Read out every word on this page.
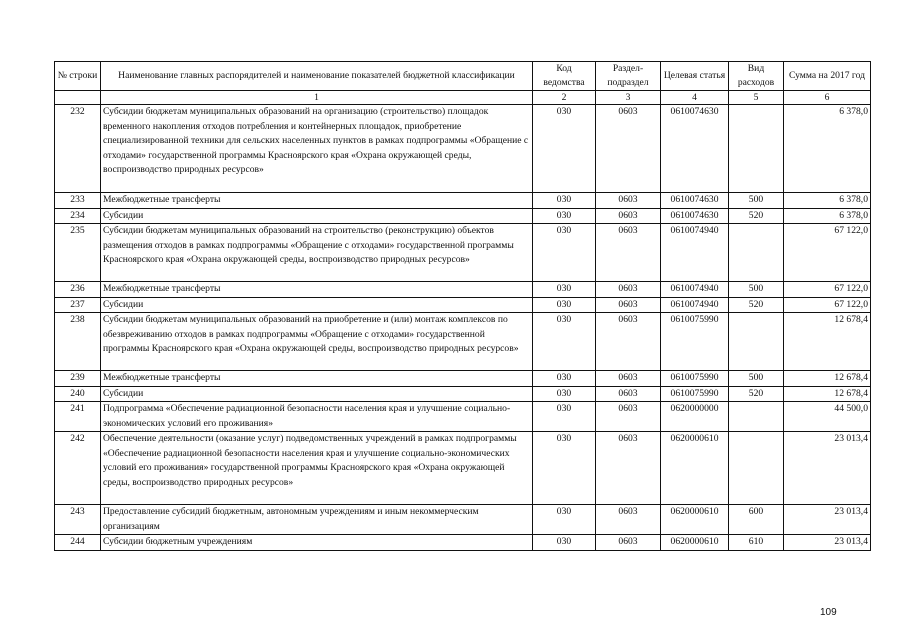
№ строки	Наименование главных распорядителей и наименование показателей бюджетной классификации	Код ведомства	Раздел-подраздел	Целевая статья	Вид расходов	Сумма на 2017 год
	1	2	3	4	5	6
232	Субсидии бюджетам муниципальных образований на организацию (строительство) площадок временного накопления отходов потребления и контейнерных площадок, приобретение специализированной техники для сельских населенных пунктов в рамках подпрограммы «Обращение с отходами» государственной программы Красноярского края «Охрана окружающей среды, воспроизводство природных ресурсов»	030	0603	0610074630		6 378,0
233	Межбюджетные трансферты	030	0603	0610074630	500	6 378,0
234	Субсидии	030	0603	0610074630	520	6 378,0
235	Субсидии бюджетам муниципальных образований на строительство (реконструкцию) объектов размещения отходов в рамках подпрограммы «Обращение с отходами» государственной программы Красноярского края «Охрана окружающей среды, воспроизводство природных ресурсов»	030	0603	0610074940		67 122,0
236	Межбюджетные трансферты	030	0603	0610074940	500	67 122,0
237	Субсидии	030	0603	0610074940	520	67 122,0
238	Субсидии бюджетам муниципальных образований на приобретение и (или) монтаж комплексов по обезвреживанию отходов в рамках подпрограммы «Обращение с отходами» государственной программы Красноярского края «Охрана окружающей среды, воспроизводство природных ресурсов»	030	0603	0610075990		12 678,4
239	Межбюджетные трансферты	030	0603	0610075990	500	12 678,4
240	Субсидии	030	0603	0610075990	520	12 678,4
241	Подпрограмма «Обеспечение радиационной безопасности населения края и улучшение социально-экономических условий его проживания»	030	0603	0620000000		44 500,0
242	Обеспечение деятельности (оказание услуг) подведомственных учреждений в рамках подпрограммы «Обеспечение радиационной безопасности населения края и улучшение социально-экономических условий его проживания» государственной программы Красноярского края «Охрана окружающей среды, воспроизводство природных ресурсов»	030	0603	0620000610		23 013,4
243	Предоставление субсидий бюджетным, автономным учреждениям и иным некоммерческим организациям	030	0603	0620000610	600	23 013,4
244	Субсидии бюджетным учреждениям	030	0603	0620000610	610	23 013,4
109
